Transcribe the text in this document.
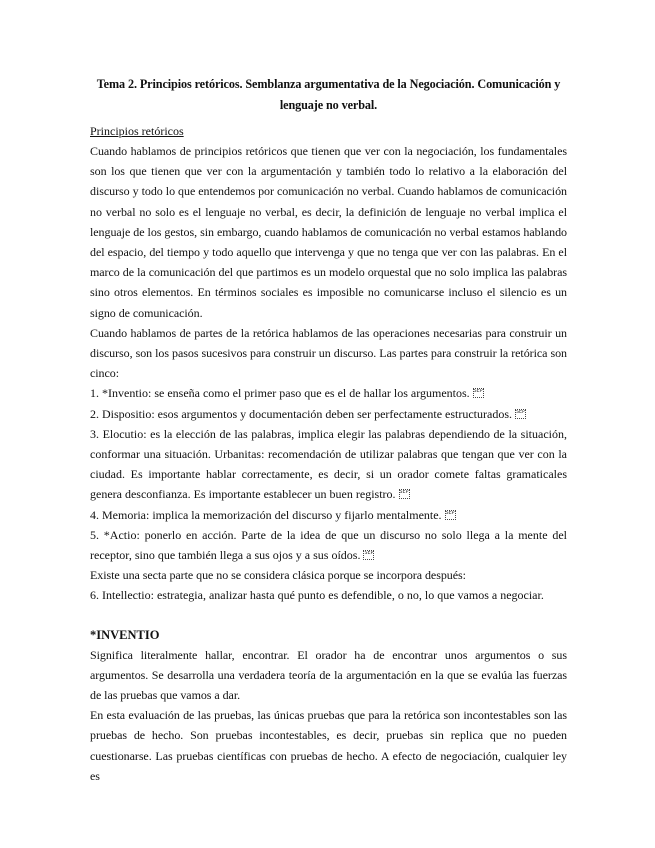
Tema 2. Principios retóricos. Semblanza argumentativa de la Negociación. Comunicación y
lenguaje no verbal.

Principios retóricos

Cuando hablamos de principios retóricos que tienen que ver con la negociación, los fundamentales son los que tienen que ver con la argumentación y también todo lo relativo a la elaboración del discurso y todo lo que entendemos por comunicación no verbal. Cuando hablamos de comunicación no verbal no solo es el lenguaje no verbal, es decir, la definición de lenguaje no verbal implica el lenguaje de los gestos, sin embargo, cuando hablamos de comunicación no verbal estamos hablando del espacio, del tiempo y todo aquello que intervenga y que no tenga que ver con las palabras. En el marco de la comunicación del que partimos es un modelo orquestal que no solo implica las palabras sino otros elementos. En términos sociales es imposible no comunicarse incluso el silencio es un signo de comunicación.

Cuando hablamos de partes de la retórica hablamos de las operaciones necesarias para construir un discurso, son los pasos sucesivos para construir un discurso. Las partes para construir la retórica son cinco:

1. *Inventio: se enseña como el primer paso que es el de hallar los argumentos. SEP

2. Dispositio: esos argumentos y documentación deben ser perfectamente estructurados. SEP

3. Elocutio: es la elección de las palabras, implica elegir las palabras dependiendo de la situación, conformar una situación. Urbanitas: recomendación de utilizar palabras que tengan que ver con la ciudad. Es importante hablar correctamente, es decir, si un orador comete faltas gramaticales genera desconfianza. Es importante establecer un buen registro. SEP

4. Memoria: implica la memorización del discurso y fijarlo mentalmente. SEP

5. *Actio: ponerlo en acción. Parte de la idea de que un discurso no solo llega a la mente del receptor, sino que también llega a sus ojos y a sus oídos. SEP

Existe una secta parte que no se considera clásica porque se incorpora después:

6. Intellectio: estrategia, analizar hasta qué punto es defendible, o no, lo que vamos a negociar.

*INVENTIO

Significa literalmente hallar, encontrar. El orador ha de encontrar unos argumentos o sus argumentos. Se desarrolla una verdadera teoría de la argumentación en la que se evalúa las fuerzas de las pruebas que vamos a dar.

En esta evaluación de las pruebas, las únicas pruebas que para la retórica son incontestables son las pruebas de hecho. Son pruebas incontestables, es decir, pruebas sin replica que no pueden cuestionarse. Las pruebas científicas con pruebas de hecho. A efecto de negociación, cualquier ley es
